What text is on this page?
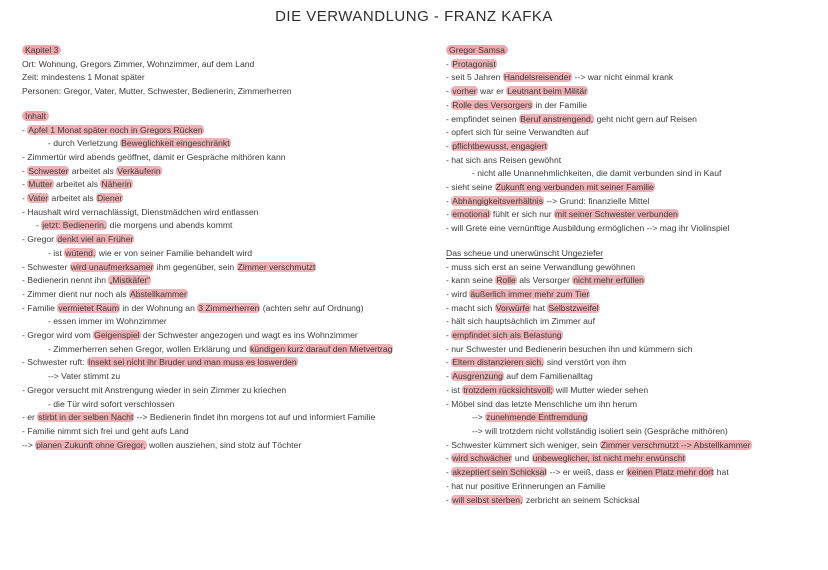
DIE VERWANDLUNG - FRANZ KAFKA
Kapitel 3
Ort: Wohnung, Gregors Zimmer, Wohnzimmer, auf dem Land
Zeit: mindestens 1 Monat später
Personen: Gregor, Vater, Mutter, Schwester, Bedienerin, Zimmerherren
Inhalt
- Apfel 1 Monat später noch in Gregors Rücken
- durch Verletzung Beweglichkeit eingeschränkt
- Zimmertür wird abends geöffnet, damit er Gespräche mithören kann
- Schwester arbeitet als Verkäuferin
- Mutter arbeitet als Näherin
- Vater arbeitet als Diener
- Haushalt wird vernachlässigt, Dienstmädchen wird entlassen
- jetzt: Bedienerin, die morgens und abends kommt
- Gregor denkt viel an Früher
- ist wütend, wie er von seiner Familie behandelt wird
- Schwester wird unaufmerksamer ihm gegenüber, sein Zimmer verschmutzt
- Bedienerin nennt ihn „Mistkäfer“
- Zimmer dient nur noch als Abstellkammer
- Familie vermietet Raum in der Wohnung an 3 Zimmerherren (achten sehr auf Ordnung)
- essen immer im Wohnzimmer
- Gregor wird vom Geigenspiel der Schwester angezogen und wagt es ins Wohnzimmer
- Zimmerherren sehen Gregor, wollen Erklärung und kündigen kurz darauf den Mietvertrag
- Schwester ruft: Insekt sei nicht ihr Bruder und man muss es loswerden
--> Vater stimmt zu
- Gregor versucht mit Anstrengung wieder in sein Zimmer zu kriechen
- die Tür wird sofort verschlossen
- er stirbt in der selben Nacht --> Bedienerin findet ihn morgens tot auf und informiert Familie
- Familie nimmt sich frei und geht aufs Land
--> planen Zukunft ohne Gregor, wollen ausziehen, sind stolz auf Töchter
Gregor Samsa
- Protagonist
- seit 5 Jahren Handelsreisender --> war nicht einmal krank
- vorher war er Leutnant beim Militär
- Rolle des Versorgers in der Familie
- empfindet seinen Beruf anstrengend, geht nicht gern auf Reisen
- opfert sich für seine Verwandten auf
- pflichtbewusst, engagiert
- hat sich ans Reisen gewöhnt
- nicht alle Unannehmlichkeiten, die damit verbunden sind in Kauf
- sieht seine Zukunft eng verbunden mit seiner Familie
- Abhängigkeitsverhältnis --> Grund: finanzielle Mittel
- emotional fühlt er sich nur mit seiner Schwester verbunden
- will Grete eine vernünftige Ausbildung ermöglichen --> mag ihr Violinspiel
Das scheue und unerwünscht Ungeziefer
- muss sich erst an seine Verwandlung gewöhnen
- kann seine Rolle als Versorger nicht mehr erfüllen
- wird äußerlich immer mehr zum Tier
- macht sich Vorwürfe hat Selbstzweifel
- hält sich hauptsächlich im Zimmer auf
- empfindet sich als Belastung
- nur Schwester und Bedienerin besuchen ihn und kümmern sich
- Eltern distanzieren sich, sind verstört von ihm
- Ausgrenzung auf dem Familienalltag
- ist trotzdem rücksichtsvoll; will Mutter wieder sehen
- Möbel sind das letzte Menschliche um ihn herum
--> zunehmende Entfremdung
--> will trotzdem nicht vollständig isoliert sein (Gespräche mithören)
- Schwester kümmert sich weniger, sein Zimmer verschmutzt --> Abstellkammer
- wird schwächer und unbeweglicher, ist nicht mehr erwünscht
- akzeptiert sein Schicksal --> er weiß, dass er keinen Platz mehr dort hat
- hat nur positive Erinnerungen an Familie
- will selbst sterben, zerbricht an seinem Schicksal
